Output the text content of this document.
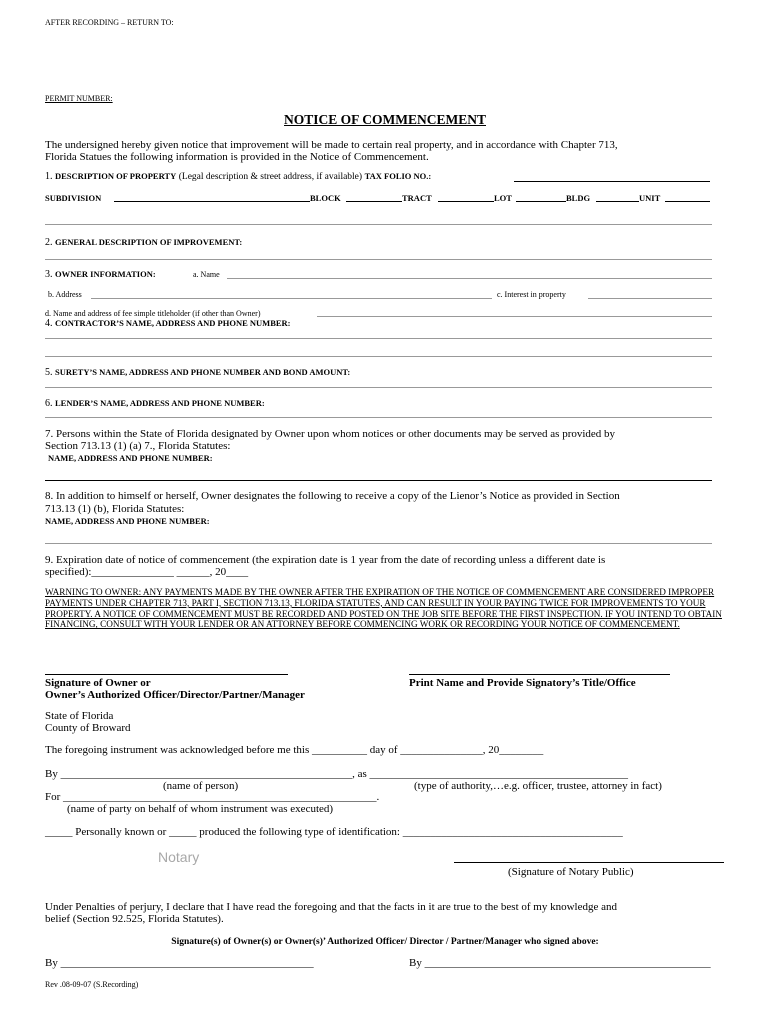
AFTER RECORDING – RETURN TO:
PERMIT NUMBER:
NOTICE OF COMMENCEMENT
The undersigned hereby given notice that improvement will be made to certain real property, and in accordance with Chapter 713,
Florida Statues the following information is provided in the Notice of Commencement.
1. DESCRIPTION OF PROPERTY (Legal description & street address, if available) TAX FOLIO NO.:
SUBDIVISION	BLOCK	TRACT	LOT	BLDG	UNIT
2. GENERAL DESCRIPTION OF IMPROVEMENT:
3. OWNER INFORMATION:	a. Name
b. Address	c. Interest in property
d. Name and address of fee simple titleholder (if other than Owner)
4. CONTRACTOR’S NAME, ADDRESS AND PHONE NUMBER:
5. SURETY’S NAME, ADDRESS AND PHONE NUMBER AND BOND AMOUNT:
6. LENDER’S NAME, ADDRESS AND PHONE NUMBER:
7. Persons within the State of Florida designated by Owner upon whom notices or other documents may be served as provided by
Section 713.13 (1) (a) 7., Florida Statutes:
NAME, ADDRESS AND PHONE NUMBER:
8. In addition to himself or herself, Owner designates the following to receive a copy of the Lienor’s Notice as provided in Section
713.13 (1) (b), Florida Statutes:
NAME, ADDRESS AND PHONE NUMBER:
9. Expiration date of notice of commencement (the expiration date is 1 year from the date of recording unless a different date is
specified):_______________ ______, 20____
WARNING TO OWNER: ANY PAYMENTS MADE BY THE OWNER AFTER THE EXPIRATION OF THE NOTICE OF COMMENCEMENT ARE CONSIDERED IMPROPER PAYMENTS UNDER CHAPTER 713, PART I, SECTION 713.13, FLORIDA STATUTES, AND CAN RESULT IN YOUR PAYING TWICE FOR IMPROVEMENTS TO YOUR PROPERTY. A NOTICE OF COMMENCEMENT MUST BE RECORDED AND POSTED ON THE JOB SITE BEFORE THE FIRST INSPECTION. IF YOU INTEND TO OBTAIN FINANCING, CONSULT WITH YOUR LENDER OR AN ATTORNEY BEFORE COMMENCING WORK OR RECORDING YOUR NOTICE OF COMMENCEMENT.
Signature of Owner or
Owner’s Authorized Officer/Director/Partner/Manager
Print Name and Provide Signatory’s Title/Office
State of Florida
County of Broward
The foregoing instrument was acknowledged before me this __________ day of _______________, 20________
By _____________________________________________________, as _______________________________________________
(name of person)	(type of authority,…e.g. officer, trustee, attorney in fact)
For _________________________________________________________.
(name of party on behalf of whom instrument was executed)
_____ Personally known or _____ produced the following type of identification: ________________________________________
Notary
(Signature of Notary Public)
Under Penalties of perjury, I declare that I have read the foregoing and that the facts in it are true to the best of my knowledge and
belief (Section 92.525, Florida Statutes).
Signature(s) of Owner(s) or Owner(s)’ Authorized Officer/ Director / Partner/Manager who signed above:
By ______________________________________________	By ____________________________________________________
Rev .08-09-07 (S.Recording)
